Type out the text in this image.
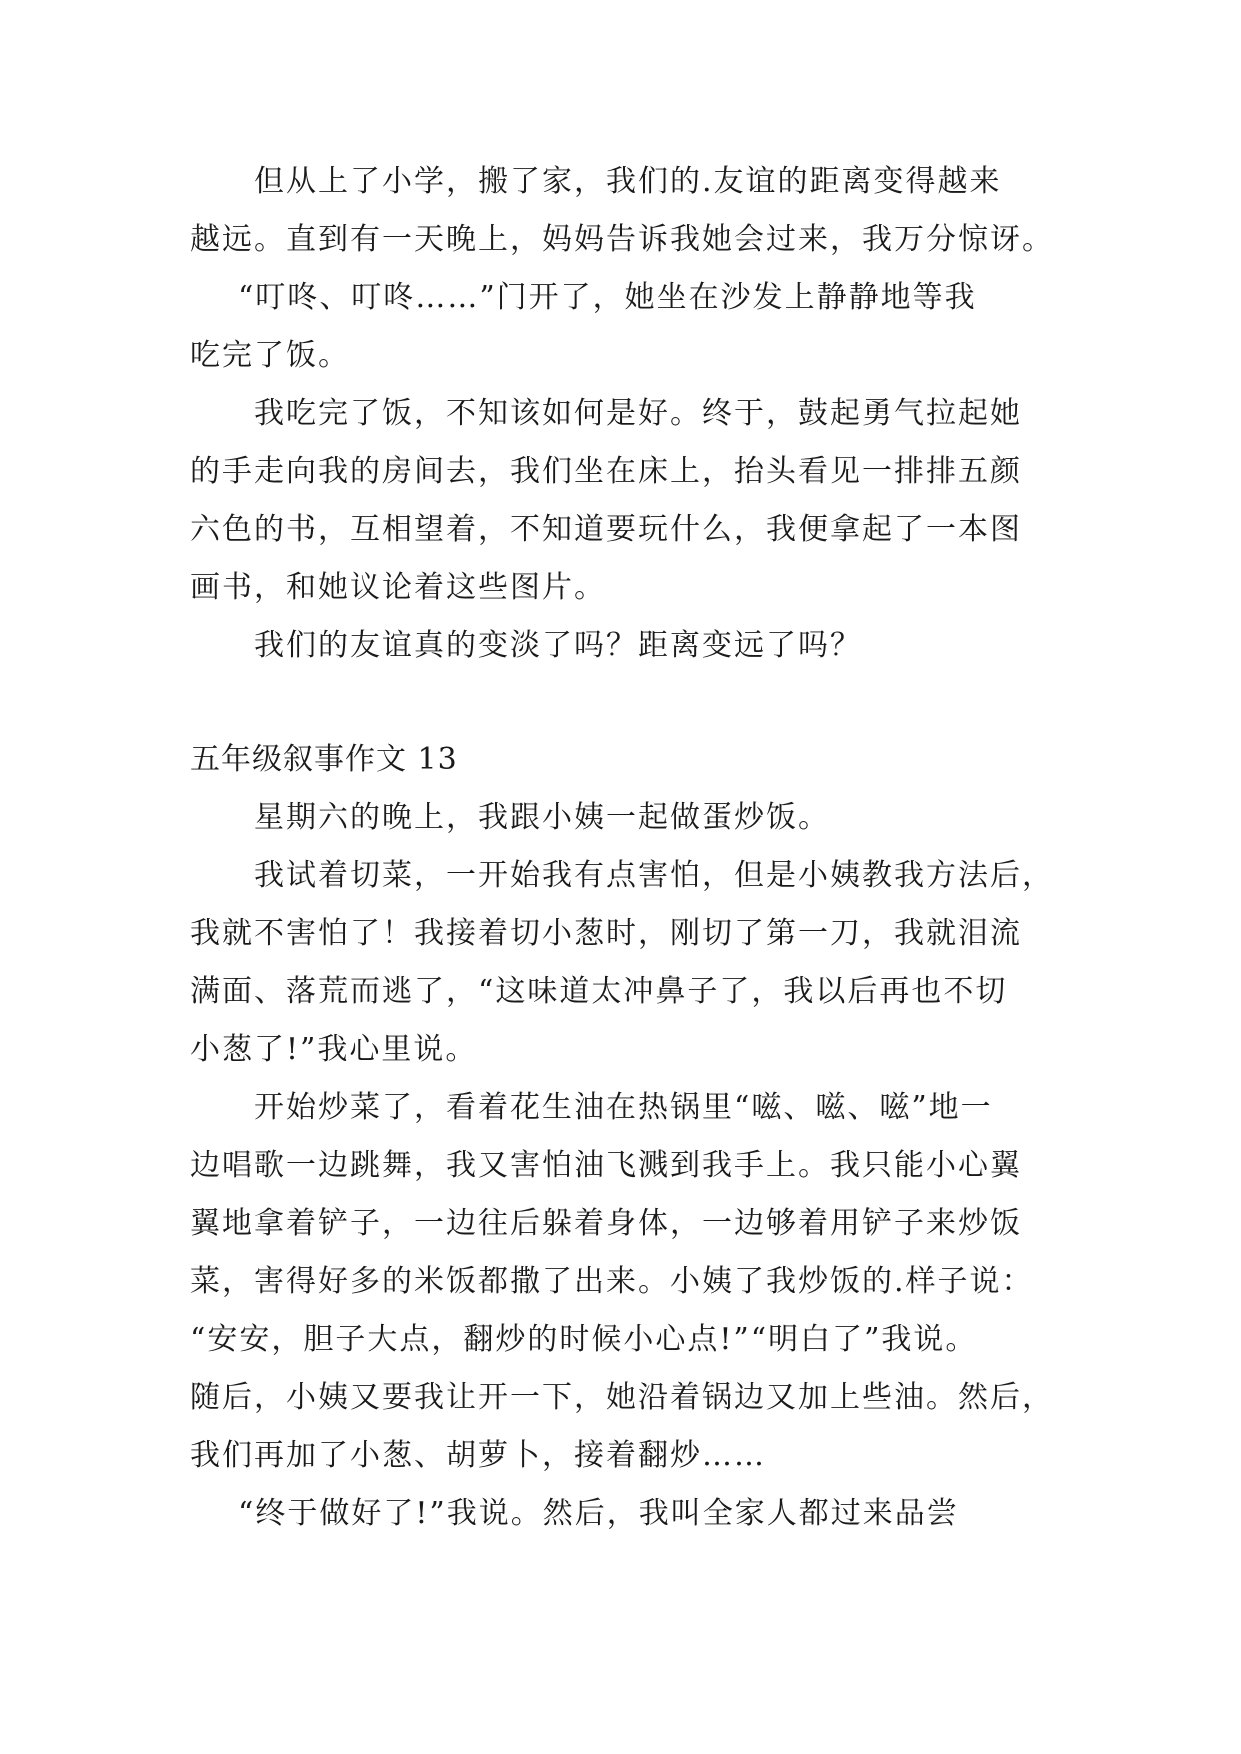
但从上了小学，搬了家，我们的.友谊的距离变得越来
越远。直到有一天晚上，妈妈告诉我她会过来，我万分惊讶。
“叮咚、叮咚……”门开了，她坐在沙发上静静地等我
吃完了饭。
我吃完了饭，不知该如何是好。终于，鼓起勇气拉起她
的手走向我的房间去，我们坐在床上，抬头看见一排排五颜
六色的书，互相望着，不知道要玩什么，我便拿起了一本图
画书，和她议论着这些图片。
我们的友谊真的变淡了吗？距离变远了吗？
五年级叙事作文 13
星期六的晚上，我跟小姨一起做蛋炒饭。
我试着切菜，一开始我有点害怕，但是小姨教我方法后，
我就不害怕了！我接着切小葱时，刚切了第一刀，我就泪流
满面、落荒而逃了，“这味道太冲鼻子了，我以后再也不切
小葱了!”我心里说。
开始炒菜了，看着花生油在热锅里“嗞、嗞、嗞”地一
边唱歌一边跳舞，我又害怕油飞溅到我手上。我只能小心翼
翼地拿着铲子，一边往后躲着身体，一边够着用铲子来炒饭
菜，害得好多的米饭都撒了出来。小姨了我炒饭的.样子说：
“安安，胆子大点，翻炒的时候小心点!”“明白了”我说。
随后，小姨又要我让开一下，她沿着锅边又加上些油。然后，
我们再加了小葱、胡萝卜，接着翻炒……
“终于做好了!”我说。然后，我叫全家人都过来品尝
